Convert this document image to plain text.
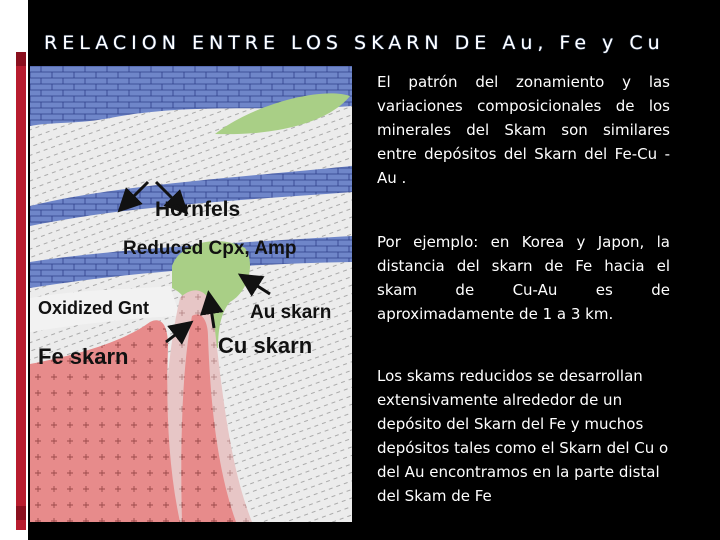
RELACION ENTRE LOS SKARN DE Au, Fe y Cu
Hornfels
Reduced Cpx, Amp
Oxidized Gnt	Au skarn
Cu skarn
Fe skarn

El patrón del zonamiento y las variaciones composicionales de los minerales del Skam son similares entre depósitos del Skarn del Fe-Cu -Au .

Por ejemplo: en Korea y Japon, la distancia del skarn de Fe hacia el skam de Cu-Au es de aproximadamente de 1 a 3 km.

Los skams reducidos se desarrollan extensivamente alrededor de un depósito del Skarn del Fe y muchos depósitos tales como el Skarn del Cu o del Au encontramos en la parte distal del Skam de Fe
